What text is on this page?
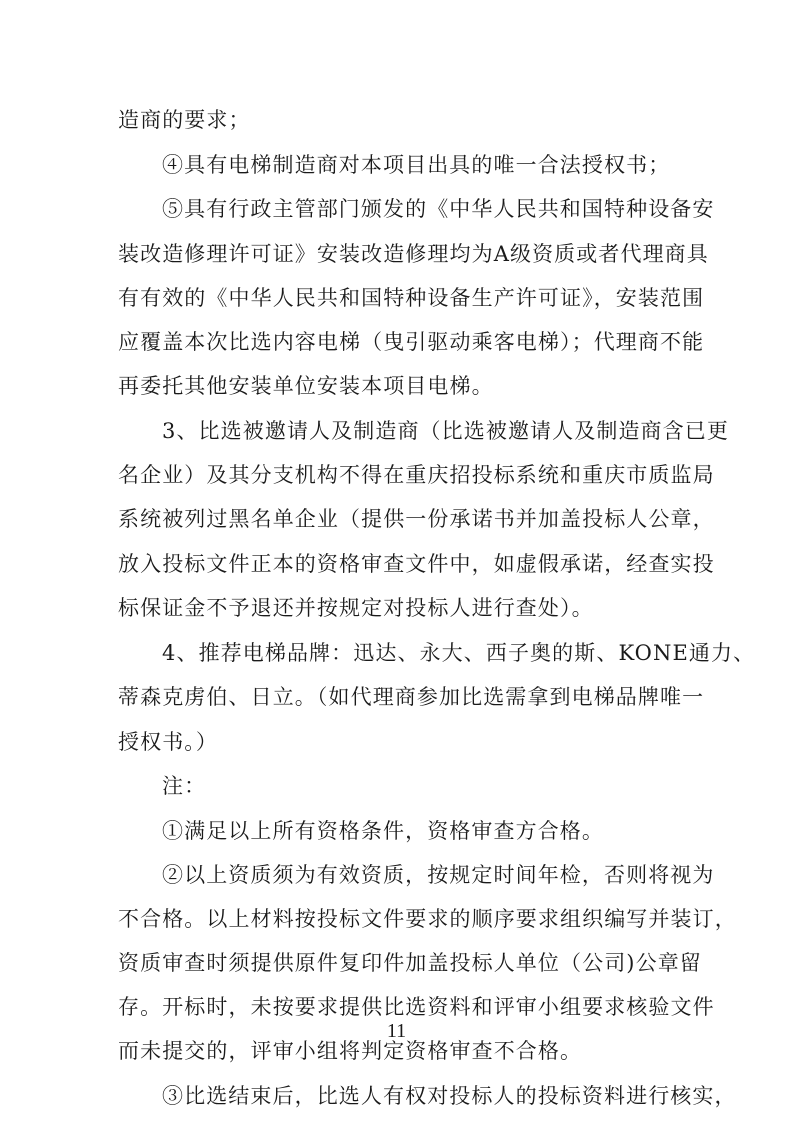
造商的要求；
④具有电梯制造商对本项目出具的唯一合法授权书；
⑤具有行政主管部门颁发的《中华人民共和国特种设备安
装改造修理许可证》安装改造修理均为A级资质或者代理商具
有有效的《中华人民共和国特种设备生产许可证》，安装范围
应覆盖本次比选内容电梯（曳引驱动乘客电梯）；代理商不能
再委托其他安装单位安装本项目电梯。
3、比选被邀请人及制造商（比选被邀请人及制造商含已更
名企业）及其分支机构不得在重庆招投标系统和重庆市质监局
系统被列过黑名单企业（提供一份承诺书并加盖投标人公章，
放入投标文件正本的资格审查文件中，如虚假承诺，经查实投
标保证金不予退还并按规定对投标人进行查处）。
4、推荐电梯品牌：迅达、永大、西子奥的斯、KONE通力、
蒂森克虏伯、日立。（如代理商参加比选需拿到电梯品牌唯一
授权书。）
注：
①满足以上所有资格条件，资格审查方合格。
②以上资质须为有效资质，按规定时间年检，否则将视为
不合格。以上材料按投标文件要求的顺序要求组织编写并装订，
资质审查时须提供原件复印件加盖投标人单位（公司)公章留
存。开标时，未按要求提供比选资料和评审小组要求核验文件
而未提交的，评审小组将判定资格审查不合格。
③比选结束后，比选人有权对投标人的投标资料进行核实，
11
